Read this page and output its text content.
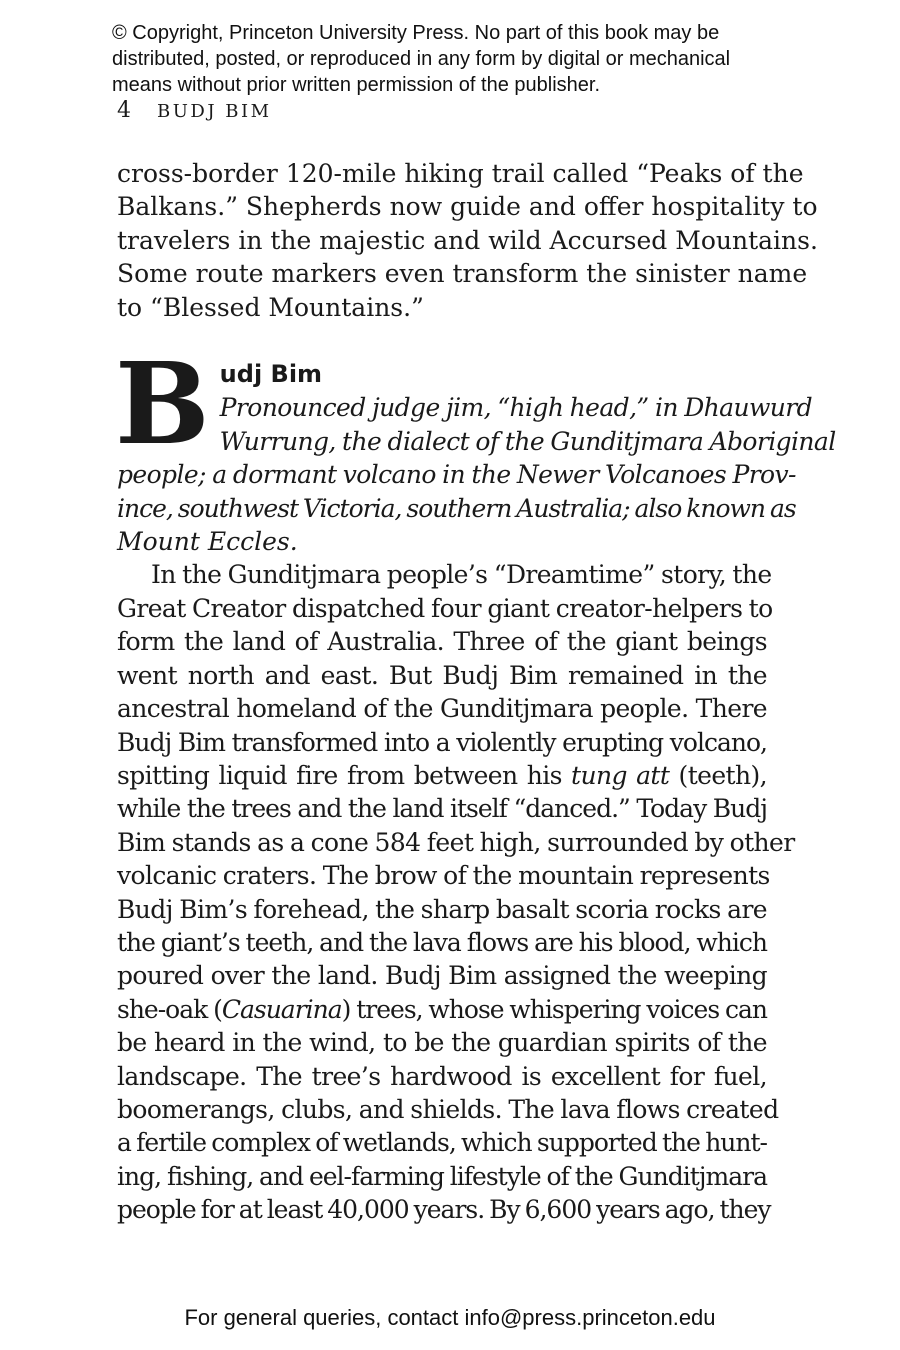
© Copyright, Princeton University Press. No part of this book may be
distributed, posted, or reproduced in any form by digital or mechanical
means without prior written permission of the publisher.
4	BUDJ BIM

cross-border 120-mile hiking trail called “Peaks of the
Balkans.” Shepherds now guide and offer hospitality to
travelers in the majestic and wild Accursed Mountains.
Some route markers even transform the sinister name
to “Blessed Mountains.”

B udj Bim
Pronounced judge jim, “high head,” in Dhauwurd
Wurrung, the dialect of the Gunditjmara Aboriginal
people; a dormant volcano in the Newer Volcanoes Prov-
ince, southwest Victoria, southern Australia; also known as
Mount Eccles.
In the Gunditjmara people’s “Dreamtime” story, the
Great Creator dispatched four giant creator-helpers to
form the land of Australia. Three of the giant beings
went north and east. But Budj Bim remained in the
ancestral homeland of the Gunditjmara people. There
Budj Bim transformed into a violently erupting volcano,
spitting liquid fire from between his tung att (teeth),
while the trees and the land itself “danced.” Today Budj
Bim stands as a cone 584 feet high, surrounded by other
volcanic craters. The brow of the mountain represents
Budj Bim’s forehead, the sharp basalt scoria rocks are
the giant’s teeth, and the lava flows are his blood, which
poured over the land. Budj Bim assigned the weeping
she-oak (Casuarina) trees, whose whispering voices can
be heard in the wind, to be the guardian spirits of the
landscape. The tree’s hardwood is excellent for fuel,
boomerangs, clubs, and shields. The lava flows created
a fertile complex of wetlands, which supported the hunt-
ing, fishing, and eel-farming lifestyle of the Gunditjmara
people for at least 40,000 years. By 6,600 years ago, they
For general queries, contact info@press.princeton.edu
